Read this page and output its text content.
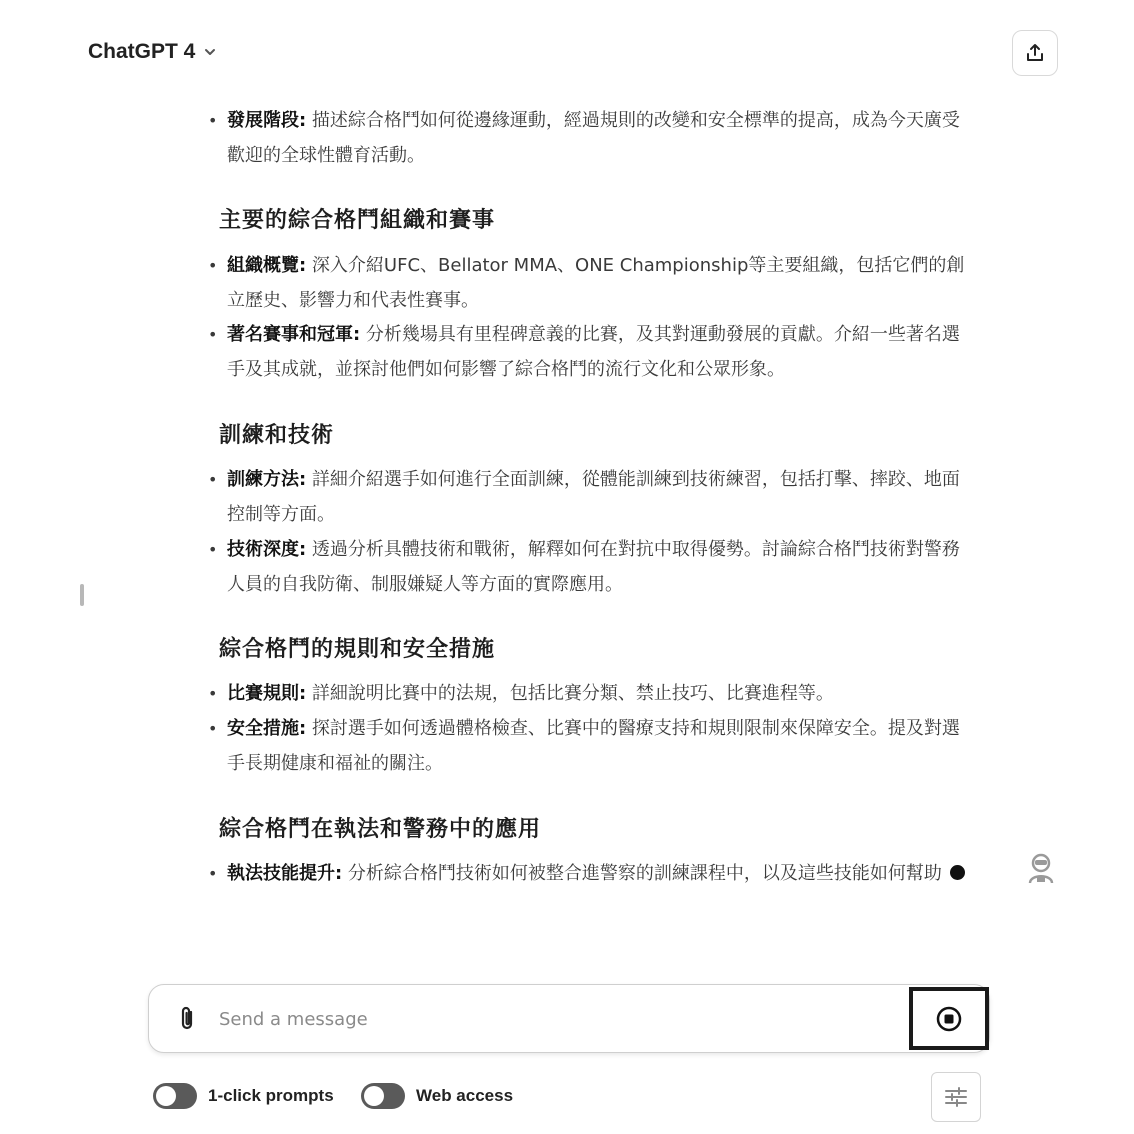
• 發展階段: 描述綜合格鬥如何從邊緣運動，經過規則的改變和安全標準的提高，成為今天廣受歡迎的全球性體育活動。
主要的綜合格鬥組織和賽事
• 組織概覽: 深入介紹UFC、Bellator MMA、ONE Championship等主要組織，包括它們的創立歷史、影響力和代表性賽事。
• 著名賽事和冠軍: 分析幾場具有里程碑意義的比賽，及其對運動發展的貢獻。介紹一些著名選手及其成就，並探討他們如何影響了綜合格鬥的流行文化和公眾形象。
訓練和技術
• 訓練方法: 詳細介紹選手如何進行全面訓練，從體能訓練到技術練習，包括打擊、摔跤、地面控制等方面。
• 技術深度: 透過分析具體技術和戰術，解釋如何在對抗中取得優勢。討論綜合格鬥技術對警務人員的自我防衛、制服嫌疑人等方面的實際應用。
綜合格鬥的規則和安全措施
• 比賽規則: 詳細說明比賽中的法規，包括比賽分類、禁止技巧、比賽進程等。
• 安全措施: 探討選手如何透過體格檢查、比賽中的醫療支持和規則限制來保障安全。提及對選手長期健康和福祉的關注。
綜合格鬥在執法和警務中的應用
• 執法技能提升: 分析綜合格鬥技術如何被整合進警察的訓練課程中，以及這些技能如何幫助
ChatGPT 4
Send a message
1-click prompts	Web access
